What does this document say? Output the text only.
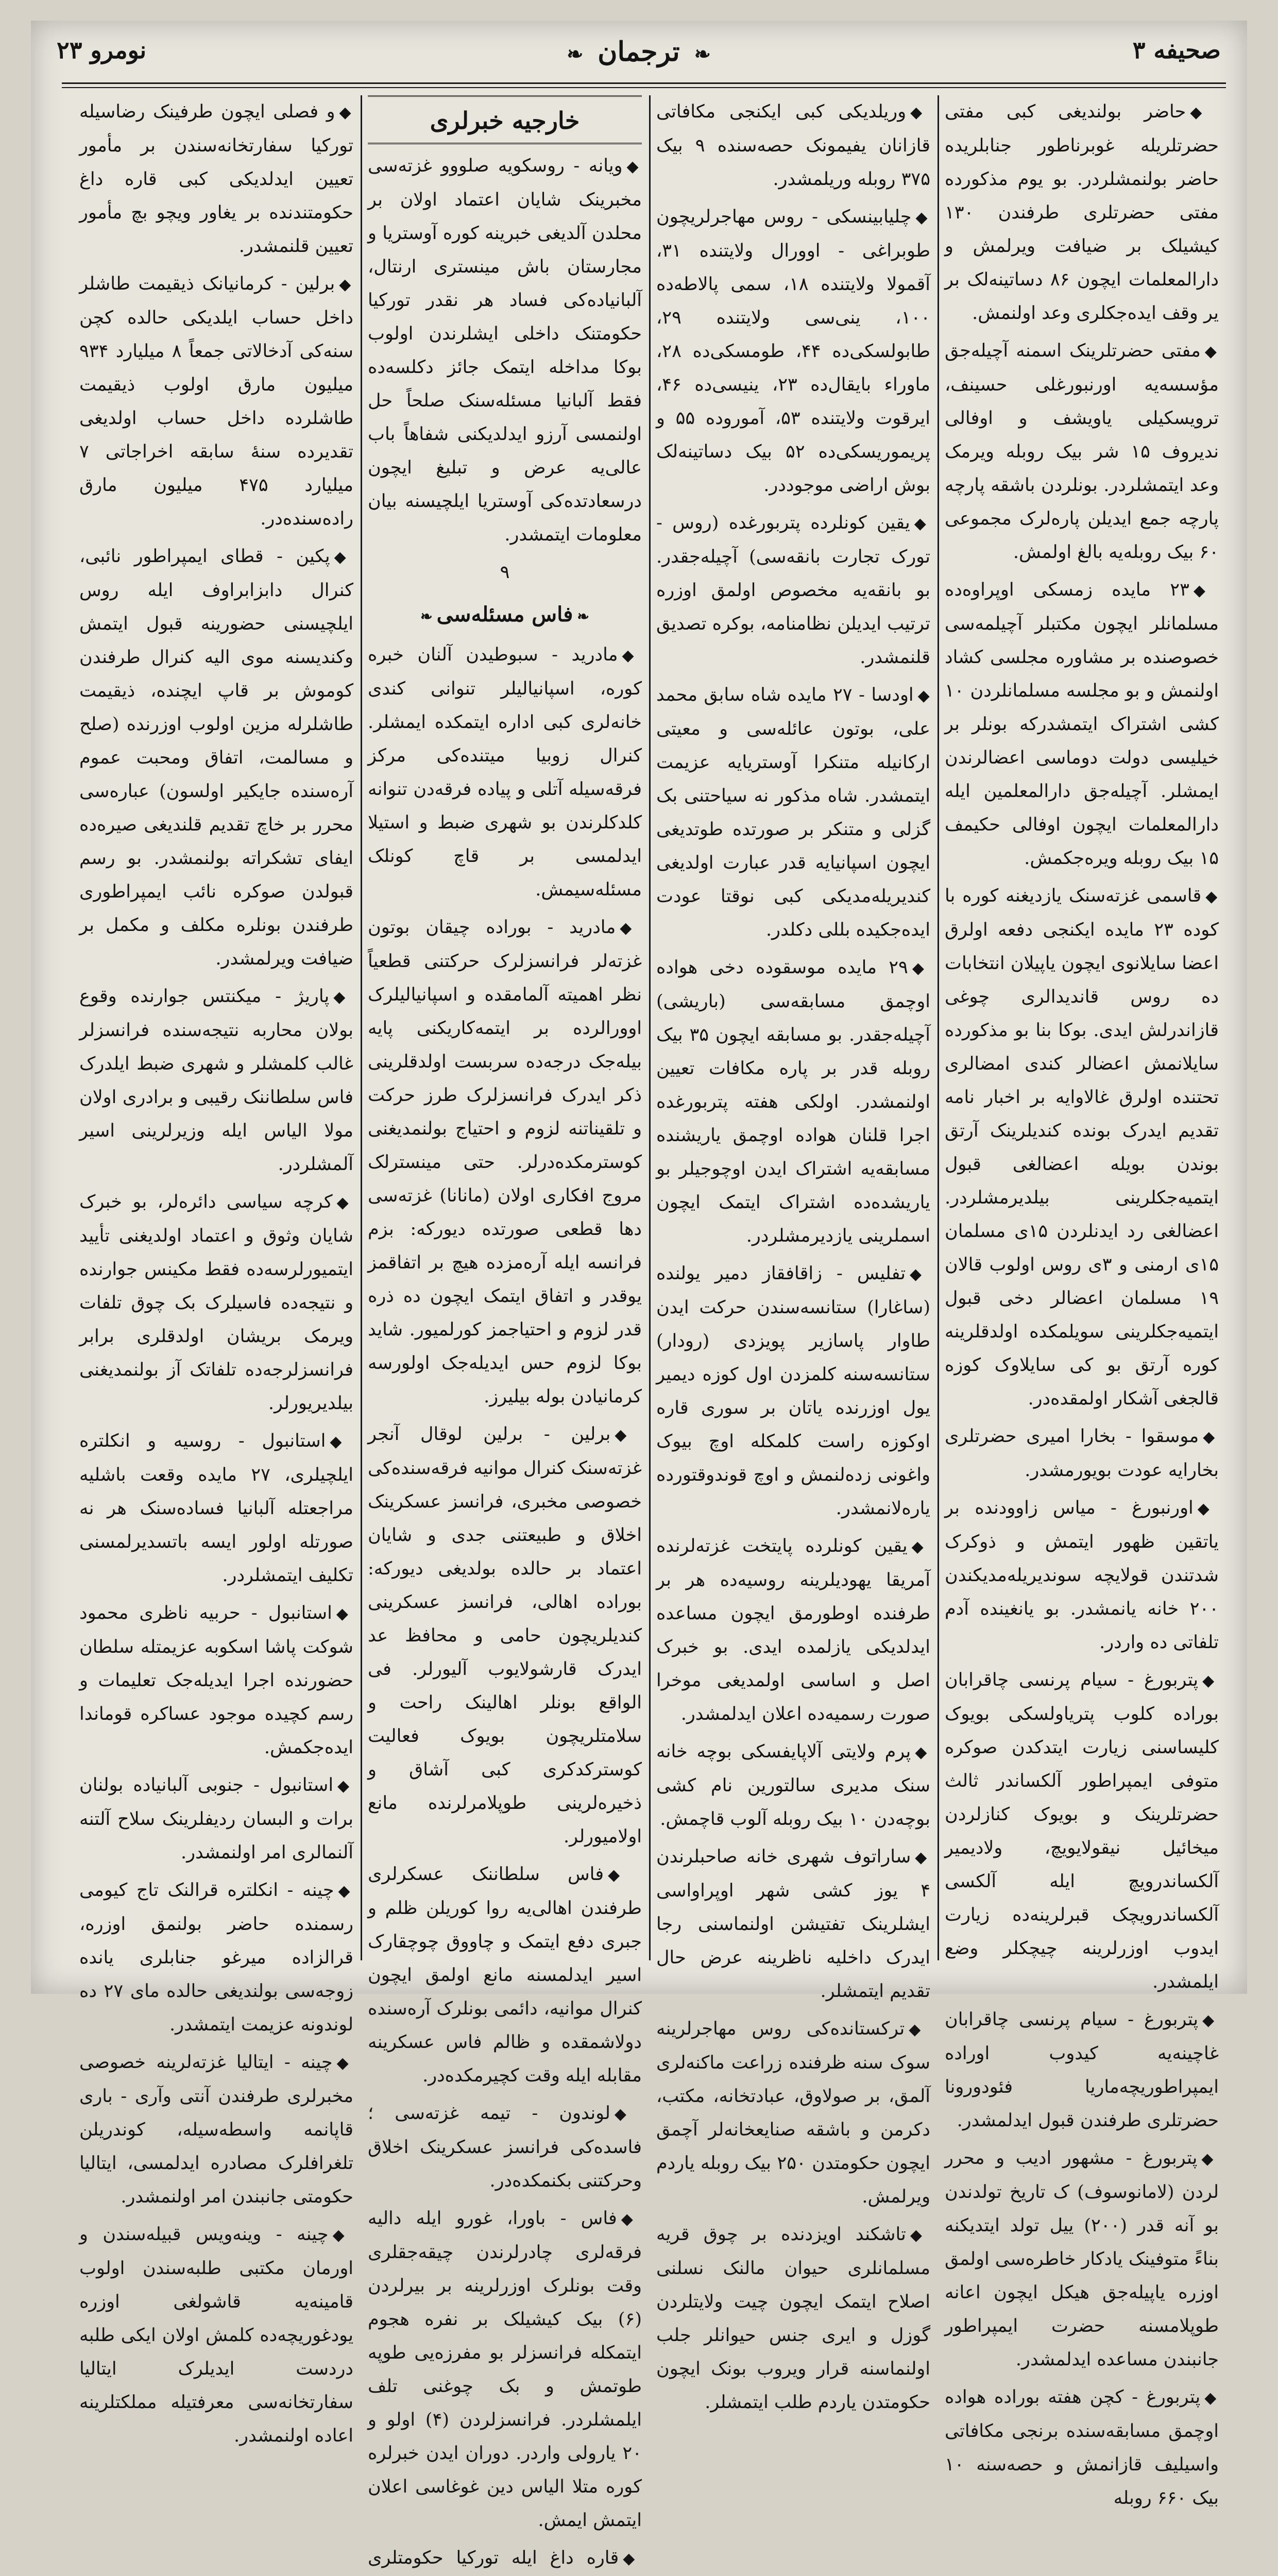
صحیفه ۳
❧ ترجمان ❧
نومرو ۲۳
◆حاضر بولندیغی کبی مفتی حضرتلریله غوبرناطور جنابلریده حاضر بولنمشلردر. بو یوم مذکورده مفتی حضرتلری طرفندن ۱۳۰ کیشیلک بر ضیافت ویرلمش و دارالمعلمات ایچون ۸۶ دساتینه‌لک بر یر وقف ایده‌جکلری وعد اولنمش.
◆مفتی حضرتلرینک اسمنه آچیله‌جق مؤسسه‌یه اورنبورغلی حسینف، ترویسکیلی یاویشف و اوفالی ندیروف ۱۵ شر بیک روبله ویرمک وعد ایتمشلردر. بونلردن باشقه پارچه پارچه جمع ایدیلن پاره‌لرک مجموعی ۶۰ بیک روبله‌یه بالغ اولمش.
◆۲۳ مایده زمسکی اوپراوه‌ده مسلمانلر ایچون مکتبلر آچیلمه‌سی خصوصنده بر مشاوره مجلسی کشاد اولنمش و بو مجلسه مسلمانلردن ۱۰ کشی اشتراک ایتمشدرکه بونلر بر خیلیسی دولت دوماسی اعضالرندن ایمشلر. آچیله‌جق دارالمعلمین ایله دارالمعلمات ایچون اوفالی حکیمف ۱۵ بیک روبله ویره‌جکمش.
◆قاسمی غزته‌سنک یازدیغنه کوره با کوده ۲۳ مایده ایکنجی دفعه اولرق اعضا سایلانوی ایچون یاپیلان انتخابات ده روس قاندیدالری چوغی قازاندرلش ایدی. بوکا بنا بو مذکورده سایلانمش اعضالر کندی امضالری تحتنده اولرق غالاوایه بر اخبار نامه تقدیم ایدرک بونده کندیلرینک آرتق بوندن بویله اعضالغی قبول ایتمیه‌جکلرینی بیلدیرمشلردر. اعضالغی رد ایدنلردن ۱۵ی مسلمان ۱۵ی ارمنی و ۳ی روس اولوب قالان ۱۹ مسلمان اعضالر دخی قبول ایتمیه‌جکلرینی سویلمکده اولدقلرینه کوره آرتق بو کی سایلاوک کوزه قالجغی آشکار اولمقده‌در.
◆موسقوا - بخارا امیری حضرتلری بخارایه عودت بویورمشدر.
◆اورنبورغ - میاس زاوودنده بر یاتقین ظهور ایتمش و ذوکرک شدتندن قولایچه سوندیریله‌مدیکندن ۲۰۰ خانه یانمشدر. بو یانغینده آدم تلفاتی ده واردر.
◆پتربورغ - سیام پرنسی چاقرابان بوراده کلوب پتریاولسکی بویوک کلیساسنی زیارت ایتدکدن صوکره متوفی ایمپراطور آلکساندر ثالث حضرتلرینک و بویوک کنازلردن میخائیل نیقولایویچ، ولادیمیر آلکساندرویچ ایله آلکسی آلکساندرویچک قبرلرینه‌ده زیارت ایدوب اوزرلرینه چیچکلر وضع ایلمشدر.
◆پتربورغ - سیام پرنسی چاقرابان غاچینه‌یه کیدوب اوراده ایمپراطوریچه‌ماریا فئودورونا حضرتلری طرفندن قبول ایدلمشدر.
◆پتربورغ - مشهور ادیب و محرر لردن (لامانوسوف) ک تاریخ تولدندن بو آنه قدر (۲۰۰) ییل تولد ایتدیکنه بناءً متوفینک یادکار خاطره‌سی اولمق اوزره یاپیله‌جق هیکل ایچون اعانه طوپلامسنه حضرت ایمپراطور جانبندن مساعده ایدلمشدر.
◆پتربورغ - کچن هفته بوراده هواده اوچمق مسابقه‌سنده برنجی مکافاتی واسیلیف قازانمش و حصه‌سنه ۱۰ بیک ۶۶۰ روبله
◆وریلدیکی کبی ایکنجی مکافاتی قازانان یفیمونک حصه‌سنده ۹ بیک ۳۷۵ روبله وریلمشدر.
◆چلیابینسکی - روس مهاجرلریچون طوبراغی - اوورال ولایتنده ۳۱، آقمولا ولایتنده ۱۸، سمی پالاطه‌ده ۱۰۰، ینی‌سی ولایتنده ۲۹، طابولسکی‌ده ۴۴، طومسکی‌ده ۲۸، ماوراء بایقال‌ده ۲۳، ینیسی‌ده ۴۶، ایرقوت ولایتنده ۵۳، آموروده ۵۵ و پریموریسکی‌ده ۵۲ بیک دساتینه‌لک بوش اراضی موجوددر.
◆یقین کونلرده پتربورغده (روس - تورک تجارت بانقه‌سی) آچیله‌جقدر. بو بانقه‌یه مخصوص اولمق اوزره ترتیب ایدیلن نظامنامه، بوکره تصدیق قلنمشدر.
◆اودسا - ۲۷ مایده شاه سابق محمد علی، بوتون عائله‌سی و معیتی ارکانیله متنکرا آوستریایه عزیمت ایتمشدر. شاه مذکور نه سیاحتنی بک گزلی و متنکر بر صورتده طوتدیغی ایچون اسپانیایه قدر عبارت اولدیغی کندیریله‌مدیکی کبی نوقتا عودت ایده‌جکیده بللی دکلدر.
◆۲۹ مایده موسقوده دخی هواده اوچمق مسابقه‌سی (باریشی) آچیله‌جقدر. بو مسابقه ایچون ۳۵ بیک روبله قدر بر پاره مکافات تعیین اولنمشدر. اولکی هفته پتربورغده اجرا قلنان هواده اوچمق یاریشنده مسابقه‌یه اشتراک ایدن اوچوجیلر بو یاریشده‌ده اشتراک ایتمک ایچون اسملرینی یازدیرمشلردر.
◆تفلیس - زاقافقاز دمیر یولنده (ساغارا) ستانسه‌سندن حرکت ایدن طاوار پاسازیر پویزدی (رودار) ستانسه‌سنه کلمزدن اول کوزه دیمیر یول اوزرنده یاتان بر سوری قاره اوکوزه راست کلمکله اوچ بیوک واغونی زده‌لنمش و اوچ قوندوقتورده یاره‌لانمشدر.
◆یقین کونلرده پایتخت غزته‌لرنده آمریقا یهودیلرینه روسیه‌ده هر بر طرفنده اوطورمق ایچون مساعده ایدلدیکی یازلمده ایدی. بو خبرک اصل و اساسی اولمدیغی موخرا صورت رسمیه‌ده اعلان ایدلمشدر.
◆پرم ولایتی آلاپایفسکی بوچه خانه سنک مدیری سالتورین نام کشی بوچه‌دن ۱۰ بیک روبله آلوب قاچمش.
◆ساراتوف شهری خانه صاحبلرندن ۴ یوز کشی شهر اوپراواسی ایشلرینک تفتیشن اولنماسنی رجا ایدرک داخلیه ناظرینه عرض حال تقدیم ایتمشلر.
◆ترکستانده‌کی روس مهاجرلرینه سوک سنه ظرفنده زراعت ماکنه‌لری آلمق، بر صولاوق، عبادتخانه، مکتب، دکرمن و باشقه صنایعخانه‌لر آچمق ایچون حکومتدن ۲۵۰ بیک روبله یاردم ویرلمش.
◆تاشکند اویزدنده بر چوق قریه مسلمانلری حیوان مالنک نسلنی اصلاح ایتمک ایچون چیت ولایتلردن گوزل و ایری جنس حیوانلر جلب اولنماسنه قرار ویروب بونک ایچون حکومتدن یاردم طلب ایتمشلر.
خارجیه خبرلری
◆ویانه - روسکویه صلووو غزته‌سی مخبرینک شایان اعتماد اولان بر محلدن آلدیغی خبرینه کوره آوستریا و مجارستان باش مینستری ارنتال، آلبانیاده‌کی فساد هر نقدر تورکیا حکومتنک داخلی ایشلرندن اولوب بوکا مداخله ایتمک جائز دکلسه‌ده فقط آلبانیا مسئله‌سنک صلحاً حل اولنمسی آرزو ایدلدیکنی شفاهاً باب عالی‌یه عرض و تبلیغ ایچون درسعادتده‌کی آوستریا ایلچیسنه بیان معلومات ایتمشدر.
۹
❧فاس مسئله‌سی❧
◆مادرید - سبوطیدن آلنان خبره کوره، اسپانیالیلر تنوانی کندی خانه‌لری کبی اداره ایتمکده ایمشلر. کنرال زوبیا میتنده‌کی مرکز فرقه‌سیله آتلی و پیاده فرقه‌دن تنوانه کلدکلرندن بو شهری ضبط و استیلا ایدلمسی بر قاچ کونلک مسئله‌سیمش.
◆مادرید - بوراده چیقان بوتون غزته‌لر فرانسزلرک حرکتنی قطعیاً نظر اهمیته آلمامقده و اسپانیالیلرک اوورالرده بر ایتمه‌کاریکنی پایه بیله‌جک درجه‌ده سربست اولدقلرینی ذکر ایدرک فرانسزلرک طرز حرکت و تلقیناتنه لزوم و احتیاج بولنمدیغنی کوسترمکده‌درلر. حتی مینسترلک مروج افکاری اولان (مانانا) غزته‌سی دها قطعی صورتده دیورکه: بزم فرانسه ایله آره‌مزده هیچ بر اتفاقمز یوقدر و اتفاق ایتمک ایچون ده ذره قدر لزوم و احتیاجمز کورلمیور. شاید بوکا لزوم حس ایدیله‌جک اولورسه کرمانیادن بوله بیلیرز.
◆برلین - برلین لوقال آنجر غزته‌سنک کنرال موانیه فرقه‌سنده‌کی خصوصی مخبری، فرانسز عسکرینک اخلاق و طبیعتنی جدی و شایان اعتماد بر حالده بولدیغی دیورکه: بوراده اهالی، فرانسز عسکرینی کندیلریچون حامی و محافظ عد ایدرک قارشولایوب آلیورلر. فی الواقع بونلر اهالینک راحت و سلامتلریچون بویوک فعالیت کوسترکدکری کبی آشاق و ذخیره‌لرینی طوپلامرلرنده مانع اولامیورلر.
◆فاس سلطاننک عسکرلری طرفندن اهالی‌یه روا کوریلن ظلم و جبری دفع ایتمک و چاووق چوچقارک اسیر ایدلمسنه مانع اولمق ایچون کنرال موانیه، دائمی بونلرک آره‌سنده دولاشمقده و ظالم فاس عسکرینه مقابله ایله وقت کچیرمکده‌در.
◆لوندون - تیمه غزته‌سی ؛ فاسده‌کی فرانسز عسکرینک اخلاق وحرکتنی بکنمکده‌در.
◆فاس - باورا، غورو ایله دالیه فرقه‌لری چادرلرندن چیقه‌جقلری وقت بونلرک اوزرلرینه بر بیرلردن (۶) بیک کیشیلک بر نفره هجوم ایتمکله فرانسزلر بو مفرزه‌یی طوپه طوتمش و بک چوغنی تلف ایلمشلردر. فرانسزلردن (۴) اولو و ۲۰ یارولی واردر. دوران ایدن خبرلره کوره متلا الیاس دین غوغاسی اعلان ایتمش ایمش.
◆قاره داغ ایله تورکیا حکومتلری
◆و فصلی ایچون طرفینک رضاسیله تورکیا سفارتخانه‌سندن بر مأمور تعیین ایدلدیکی کبی قاره داغ حکومتندنده بر یغاور ویچو بچ مأمور تعیین قلنمشدر.
◆برلین - کرمانیانک ذیقیمت طاشلر داخل حساب ایلدیکی حالده کچن سنه‌کی آدخالاتی جمعاً ۸ میلیارد ۹۳۴ میلیون مارق اولوب ذیقیمت طاشلرده داخل حساب اولدیغی تقدیرده سنهٔ سابقه اخراجاتی ۷ میلیارد ۴۷۵ میلیون مارق راده‌سنده‌در.
◆پکین - قطای ایمپراطور نائبی، کنرال دابزابراوف ایله روس ایلچیسنی حضورینه قبول ایتمش وکندیسنه موی الیه کنرال طرفندن کوموش بر قاپ ایچنده، ذیقیمت طاشلرله مزین اولوب اوزرنده (صلح و مسالمت، اتفاق ومحبت عموم آره‌سنده جایکیر اولسون) عباره‌سی محرر بر خاچ تقدیم قلندیغی صیره‌ده ایفای تشکراته بولنمشدر. بو رسم قبولدن صوکره نائب ایمپراطوری طرفندن بونلره مکلف و مکمل بر ضیافت ویرلمشدر.
◆پاریژ - میکنتس جوارنده وقوع بولان محاربه نتیجه‌سنده فرانسزلر غالب کلمشلر و شهری ضبط ایلدرک فاس سلطاننک رقیبی و برادری اولان مولا الیاس ایله وزیرلرینی اسیر آلمشلردر.
◆کرچه سیاسی دائره‌لر، بو خبرک شایان وثوق و اعتماد اولدیغنی تأیید ایتمیورلرسه‌ده فقط مکینس جوارنده و نتیجه‌ده فاسیلرک بک چوق تلفات ویرمک بریشان اولدقلری برابر فرانسزلرجه‌ده تلفاتک آز بولنمدیغنی بیلدیریورلر.
◆استانبول - روسیه و انکلتره ایلچیلری، ۲۷ مایده وقعت باشلیه مراجعتله آلبانیا فساده‌سنک هر نه صورتله اولور ایسه باتسدیرلمسنی تکلیف ایتمشلردر.
◆استانبول - حربیه ناظری محمود شوکت پاشا اسکوبه عزیمتله سلطان حضورنده اجرا ایدیله‌جک تعلیمات و رسم کچیده موجود عساکره قوماندا ایده‌جکمش.
◆استانبول - جنوبی آلبانیاده بولنان برات و البسان ردیفلرینک سلاح آلتنه آلنمالری امر اولنمشدر.
◆چینه - انکلتره قرالنک تاج کیومی رسمنده حاضر بولنمق اوزره، قرالزاده میرغو جنابلری یانده زوجه‌سی بولندیغی حالده مای ۲۷ ده لوندونه عزیمت ایتمشدر.
◆چینه - ایتالیا غزته‌لرینه خصوصی مخبرلری طرفندن آنتی وآری - باری قاپانمه واسطه‌سیله، کوندریلن تلغرافلرک مصادره ایدلمسی، ایتالیا حکومتی جانبندن امر اولنمشدر.
◆چینه - وینه‌ویس قبیله‌سندن و اورمان مکتبی طلبه‌سندن اولوب قامینه‌یه قاشولغی اوزره یودغوریچه‌ده کلمش اولان ایکی طلبه دردست ایدیلرک ایتالیا سفارتخانه‌سی معرفتیله مملکتلرینه اعاده اولنمشدر.
